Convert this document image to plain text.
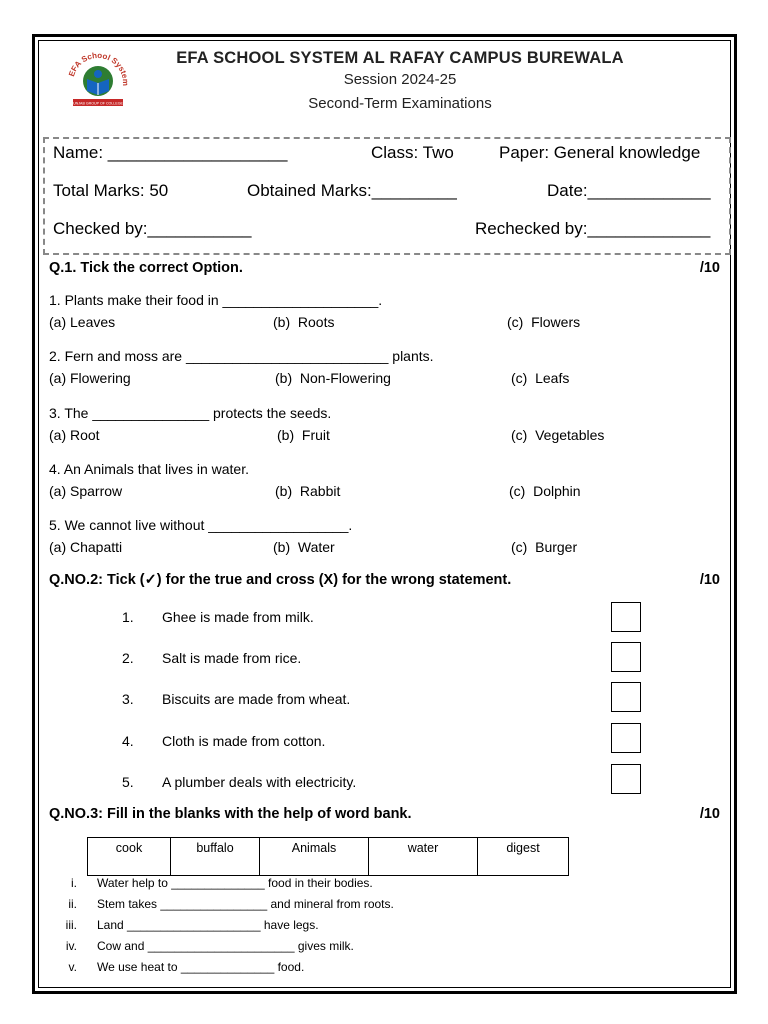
EFA School System
PUNJAB GROUP OF COLLEGES
EFA SCHOOL SYSTEM AL RAFAY CAMPUS BUREWALA
Session 2024-25
Second-Term Examinations
Name: ___________________	Class: Two	Paper: General knowledge
Total Marks: 50	Obtained Marks:_________	Date:_____________
Checked by:___________	Rechecked by:_____________
Q.1. Tick the correct Option.	/10
1. Plants make their food in ____________________.
(a) Leaves	(b)  Roots	(c)  Flowers
2. Fern and moss are __________________________ plants.
(a) Flowering	(b)  Non-Flowering	(c)  Leafs
3. The _______________ protects the seeds.
(a) Root	(b)  Fruit	(c)  Vegetables
4. An Animals that lives in water.
(a) Sparrow	(b)  Rabbit	(c)  Dolphin
5. We cannot live without __________________.
(a) Chapatti	(b)  Water	(c)  Burger
Q.NO.2: Tick (✓) for the true and cross (X) for the wrong statement.	/10
1. Ghee is made from milk.
2. Salt is made from rice.
3. Biscuits are made from wheat.
4. Cloth is made from cotton.
5. A plumber deals with electricity.
Q.NO.3: Fill in the blanks with the help of word bank.	/10
cook	buffalo	Animals	water	digest
i. Water help to ______________ food in their bodies.
ii. Stem takes ________________ and mineral from roots.
iii. Land ____________________ have legs.
iv. Cow and ______________________ gives milk.
v. We use heat to ______________ food.
